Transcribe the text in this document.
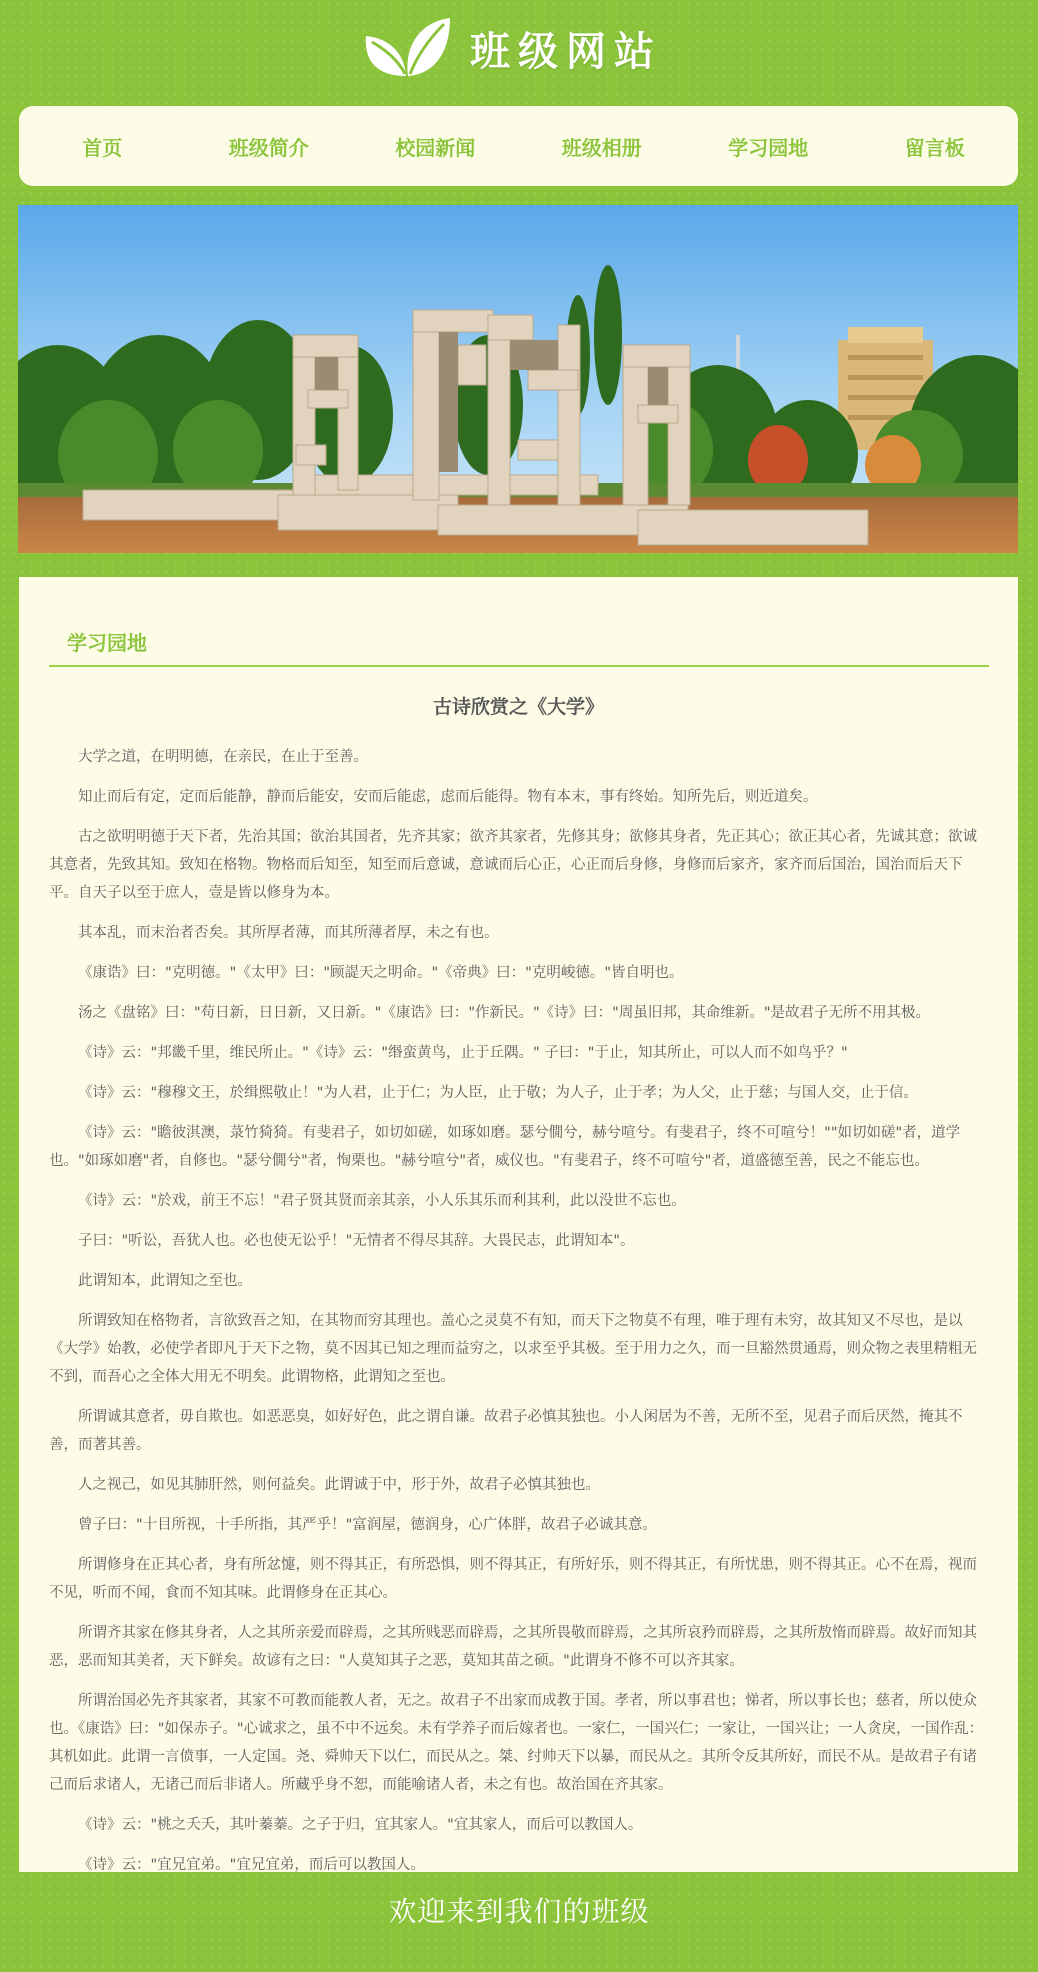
班级网站
首页	班级简介	校园新闻	班级相册	学习园地	留言板
学习园地
古诗欣赏之《大学》

大学之道，在明明德，在亲民，在止于至善。

知止而后有定，定而后能静，静而后能安，安而后能虑，虑而后能得。物有本末，事有终始。知所先后，则近道矣。

古之欲明明德于天下者，先治其国；欲治其国者，先齐其家；欲齐其家者，先修其身；欲修其身者，先正其心；欲正其心者，先诚其意；欲诚其意者，先致其知。致知在格物。物格而后知至，知至而后意诚，意诚而后心正，心正而后身修，身修而后家齐，家齐而后国治，国治而后天下平。自天子以至于庶人，壹是皆以修身为本。

其本乱，而末治者否矣。其所厚者薄，而其所薄者厚，未之有也。

《康诰》曰："克明德。"《太甲》曰："顾諟天之明命。"《帝典》曰："克明峻德。"皆自明也。

汤之《盘铭》曰："苟日新，日日新，又日新。"《康诰》曰："作新民。"《诗》曰："周虽旧邦，其命维新。"是故君子无所不用其极。

《诗》云："邦畿千里，维民所止。"《诗》云："缗蛮黄鸟，止于丘隅。" 子曰："于止，知其所止，可以人而不如鸟乎？"

《诗》云："穆穆文王，於缉熙敬止！"为人君，止于仁；为人臣，止于敬；为人子，止于孝；为人父，止于慈；与国人交，止于信。

《诗》云："瞻彼淇澳，菉竹猗猗。有斐君子，如切如磋，如琢如磨。瑟兮僩兮，赫兮喧兮。有斐君子，终不可喧兮！""如切如磋"者，道学也。"如琢如磨"者，自修也。"瑟兮僩兮"者，恂栗也。"赫兮喧兮"者，威仪也。"有斐君子，终不可喧兮"者，道盛德至善，民之不能忘也。

《诗》云："於戏，前王不忘！"君子贤其贤而亲其亲，小人乐其乐而利其利，此以没世不忘也。

子曰："听讼，吾犹人也。必也使无讼乎！"无情者不得尽其辞。大畏民志，此谓知本"。

此谓知本，此谓知之至也。

所谓致知在格物者，言欲致吾之知，在其物而穷其理也。盖心之灵莫不有知，而天下之物莫不有理，唯于理有未穷，故其知又不尽也，是以《大学》始教，必使学者即凡于天下之物，莫不因其已知之理而益穷之，以求至乎其极。至于用力之久，而一旦豁然贯通焉，则众物之表里精粗无不到，而吾心之全体大用无不明矣。此谓物格，此谓知之至也。

所谓诚其意者，毋自欺也。如恶恶臭，如好好色，此之谓自谦。故君子必慎其独也。小人闲居为不善，无所不至，见君子而后厌然，掩其不善，而著其善。

人之视己，如见其肺肝然，则何益矣。此谓诚于中，形于外，故君子必慎其独也。

曾子曰："十目所视，十手所指，其严乎！"富润屋，德润身，心广体胖，故君子必诚其意。

所谓修身在正其心者，身有所忿懥，则不得其正，有所恐惧，则不得其正，有所好乐，则不得其正，有所忧患，则不得其正。心不在焉，视而不见，听而不闻，食而不知其味。此谓修身在正其心。

所谓齐其家在修其身者，人之其所亲爱而辟焉，之其所贱恶而辟焉，之其所畏敬而辟焉，之其所哀矜而辟焉，之其所敖惰而辟焉。故好而知其恶，恶而知其美者，天下鲜矣。故谚有之曰："人莫知其子之恶，莫知其苗之硕。"此谓身不修不可以齐其家。

所谓治国必先齐其家者，其家不可教而能教人者，无之。故君子不出家而成教于国。孝者，所以事君也；悌者，所以事长也；慈者，所以使众也。《康诰》曰："如保赤子。"心诚求之，虽不中不远矣。未有学养子而后嫁者也。一家仁，一国兴仁；一家让，一国兴让；一人贪戾，一国作乱：其机如此。此谓一言偾事，一人定国。尧、舜帅天下以仁，而民从之。桀、纣帅天下以暴，而民从之。其所令反其所好，而民不从。是故君子有诸己而后求诸人，无诸己而后非诸人。所藏乎身不恕，而能喻诸人者，未之有也。故治国在齐其家。

《诗》云："桃之夭夭，其叶蓁蓁。之子于归，宜其家人。"宜其家人，而后可以教国人。

《诗》云："宜兄宜弟。"宜兄宜弟，而后可以教国人。

欢迎来到我们的班级
